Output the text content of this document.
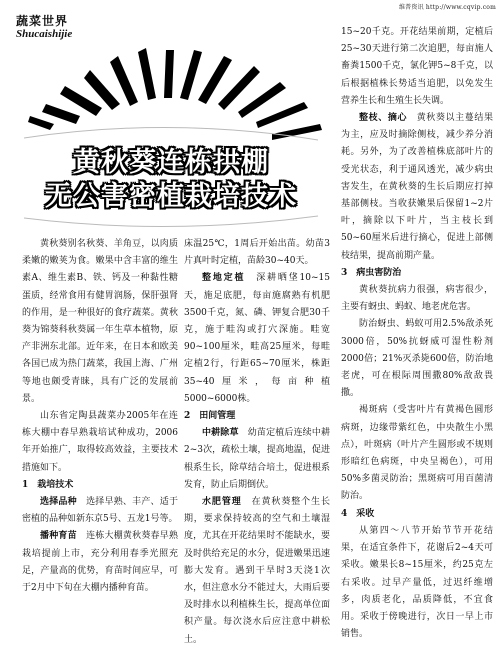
维普资讯 http://www.cqvip.com
蔬菜世界
Shucaishijie
黄秋葵连栋拱棚
无公害密植栽培技术

黄秋葵别名秋葵、羊角豆，以肉质柔嫩的嫩荚为食。嫩果中含丰富的维生素A、维生素B、铁、钙及一种黏性糖蛋质，经常食用有健胃润肠，保肝强肾的作用，是一种很好的食疗蔬菜。黄秋葵为锦葵科秋葵属一年生草本植物，原产非洲东北部。近年来，在日本和欧美各国已成为热门蔬菜，我国上海、广州等地也颇受青睐，具有广泛的发展前景。

山东省定陶县蔬菜办2005年在连栋大棚中春早熟栽培试种成功，2006年开始推广，取得较高效益，主要技术措施如下。

1　栽培技术

选择品种　 选择早熟、丰产、适于密植的品种如新东京5号、五龙1号等。

播种育苗　 连栋大棚黄秋葵春早熟栽培提前上市，充分利用春季光照充足，产量高的优势，育苗时间应早，可于2月中下旬在大棚内播种育苗。

床温25℃，1周后开始出苗。幼苗3片真叶时定植，苗龄30~40天。

整地定植　 深耕晒垡10~15天，施足底肥，每亩施腐熟有机肥3500千克，氮、磷、钾复合肥30千克，施于畦沟或打穴深施。畦宽90~100厘米，畦高25厘米，每畦定植2行，行距65~70厘米，株距35~40厘米，每亩种植5000~6000株。

2　田间管理

中耕除草　 幼苗定植后连续中耕2~3次，疏松土壤，提高地温，促进根系生长，除草结合培土，促进根系发育，防止后期倒伏。

水肥管理　 在黄秋葵整个生长期，要求保持较高的空气和土壤湿度，尤其在开花结果时不能缺水，要及时供给充足的水分，促进嫩果迅速膨大发育。遇到干旱时3天浇1次水，但注意水分不能过大，大雨后要及时排水以利植株生长，提高单位面积产量。每次浇水后应注意中耕松土。

15~20千克。开花结果前期，定植后25~30天进行第二次追肥，每亩施人畜粪1500千克，氯化钾5~8千克，以后根据植株长势适当追肥，以免发生营养生长和生殖生长失调。

整枝、摘心　 黄秋葵以主蔓结果为主，应及时摘除侧枝，减少养分消耗。另外，为了改善植株底部叶片的受光状态，利于通风透光，减少病虫害发生，在黄秋葵的生长后期应打掉基部侧枝。当收获嫩果后保留1~2片叶，摘除以下叶片，当主枝长到50~60厘米后进行摘心，促进上部侧枝结果，提高前期产量。

3　病虫害防治

黄秋葵抗病力很强，病害很少，主要有蚜虫、蚂蚁、地老虎危害。

防治蚜虫、蚂蚁可用2.5%敌杀死3000倍，50%抗蚜威可湿性粉剂2000倍；21%灭杀毙600倍，防治地老虎，可在根际周围撒80%敌敌畏撒。

褐斑病（受害叶片有黄褐色圆形病斑，边缘带紫红色，中央散生小黑点），叶斑病（叶片产生圆形或不规则形暗红色病斑，中央呈褐色），可用50%多菌灵防治；黑斑病可用百菌清防治。

4　采收

从第四～八节开始节节开花结果，在适宜条件下，花谢后2~4天可采收。嫩果长8~15厘米，约25克左右采收。过早产量低，过迟纤维增多，肉质老化，品质降低，不宜食用。采收于傍晚进行，次日一早上市销售。
